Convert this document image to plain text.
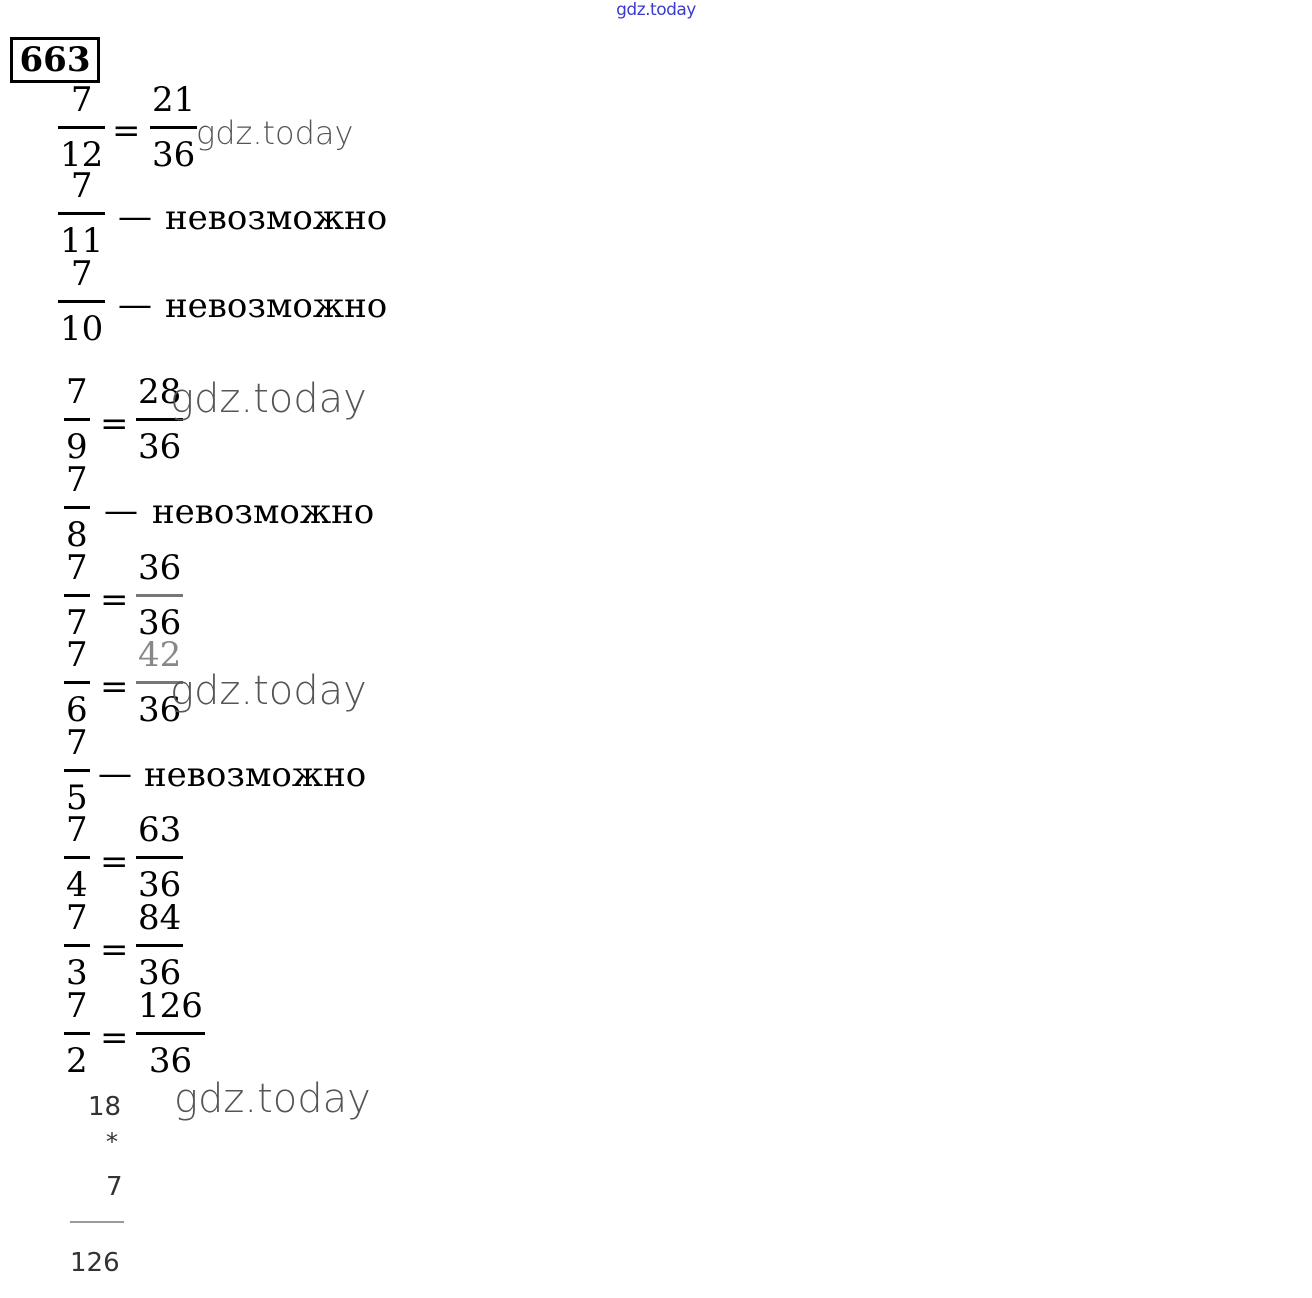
gdz.today
663
7
12
=
21
36
gdz.today
7
11
— невозможно
7
10
— невозможно
7
9
=
28
36
gdz.today
7
8
— невозможно
7
7
=
36
36
7
6
=
42
36
gdz.today
7
5
— невозможно
7
4
=
63
36
7
3
=
84
36
7
2
=
126
36
gdz.today
18
*
7
126
